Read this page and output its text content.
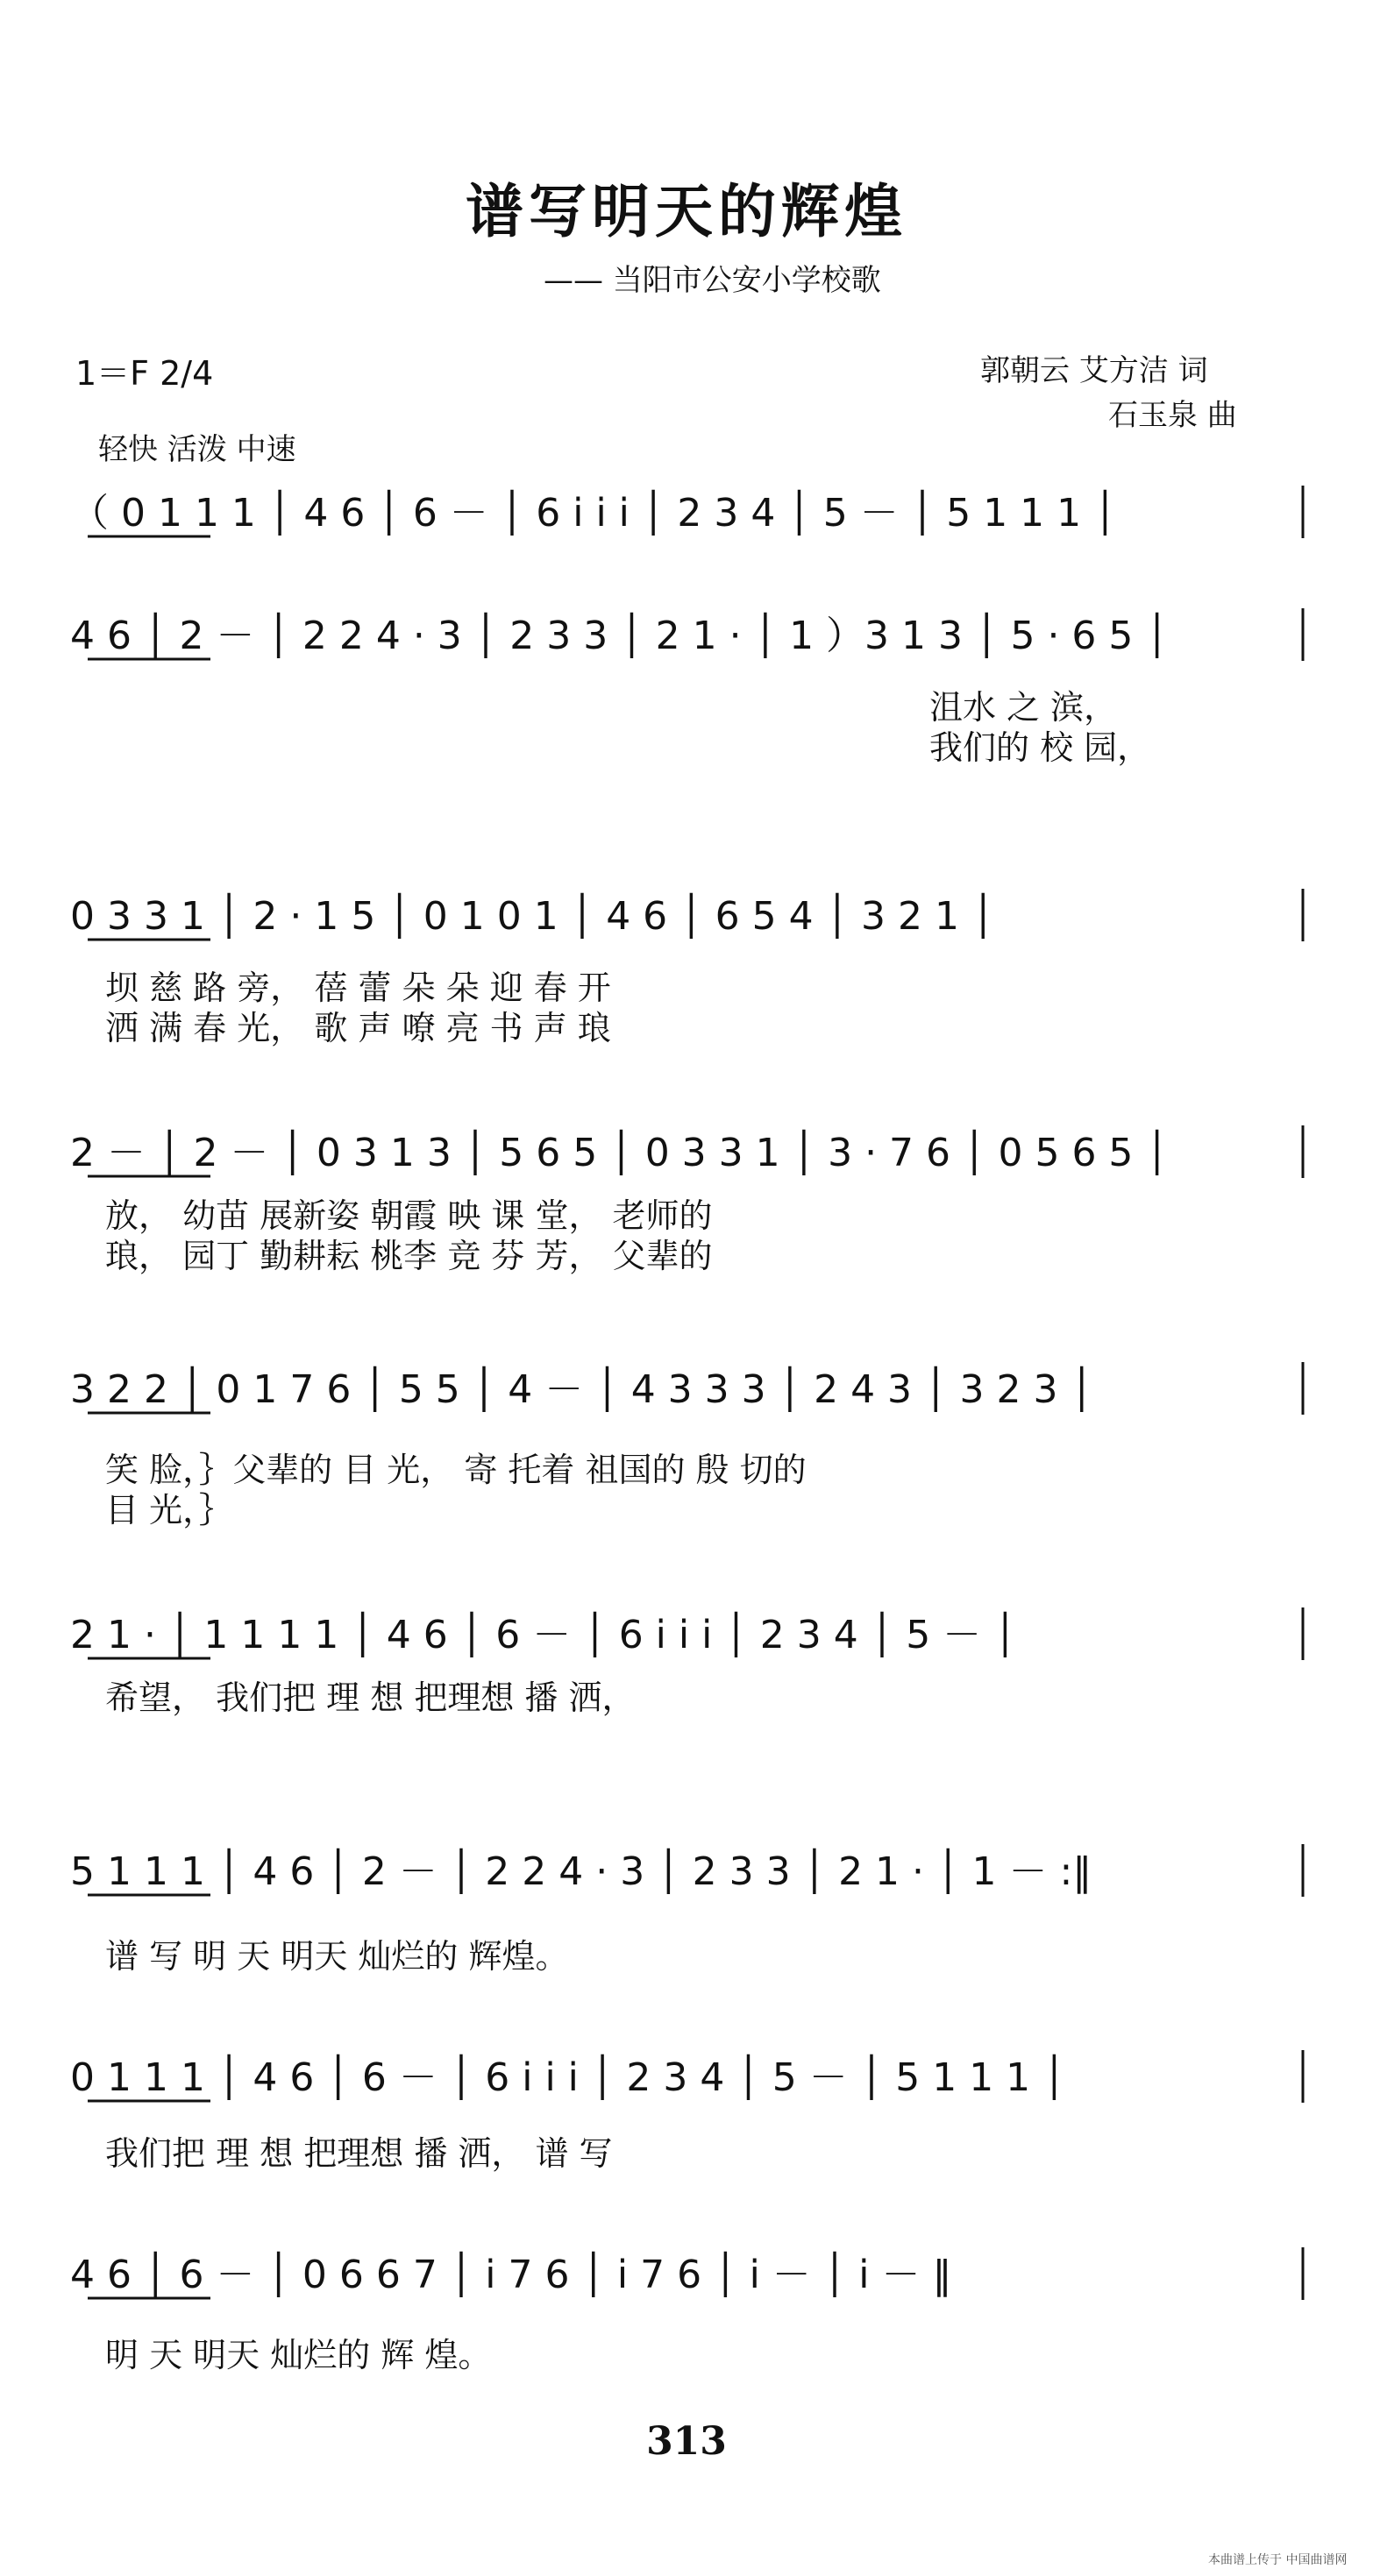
谱写明天的辉煌
—— 当阳市公安小学校歌
1＝F 2/4	郭朝云 艾方洁 词
石玉泉 曲
轻快 活泼 中速
（ 0 1 1 1 │ 4 6 │ 6 － │ 6 i̇ i̇ i̇ │ 2 3 4 │ 5 － │ 5 1 1 1 │
4 6 │ 2 － │ 2 2 4 · 3 │ 2 3 3 │ 2 1 · │ 1 ）3 1 3 │ 5 · 6 5 │
沮水 之 滨，
我们的 校 园，
0 3 3 1 │ 2 · 1 5 │ 0 1 0 1 │ 4 6 │ 6 5 4 │ 3 2 1 │
坝 慈 路 旁， 蓓 蕾 朵 朵 迎 春 开
洒 满 春 光， 歌 声 嘹 亮 书 声 琅
2 － │ 2 － │ 0 3 1 3 │ 5 6 5 │ 0 3 3 1 │ 3 · 7 6 │ 0 5 6 5 │
放， 幼苗 展新姿 朝霞 映 课 堂， 老师的
琅， 园丁 勤耕耘 桃李 竞 芬 芳， 父辈的
3 2 2 │ 0 1 7 6 │ 5 5 │ 4 － │ 4 3 3 3 │ 2 4 3 │ 3 2 3 │
笑 脸，｝父辈的 目 光， 寄 托着 祖国的 殷 切的
目 光，｝
2 1 · │ 1 1 1 1 │ 4 6 │ 6 － │ 6 i̇ i̇ i̇ │ 2 3 4 │ 5 － │
希望， 我们把 理 想 把理想 播 洒，
5 1 1 1 │ 4 6 │ 2 － │ 2 2 4 · 3 │ 2 3 3 │ 2 1 · │ 1 － :‖
谱 写 明 天 明天 灿烂的 辉煌。
0 1 1 1 │ 4 6 │ 6 － │ 6 i̇ i̇ i̇ │ 2 3 4 │ 5 － │ 5 1 1 1 │
我们把 理 想 把理想 播 洒， 谱 写
4 6 │ 6 － │ 0 6 6 7 │ i̇ 7 6 │ i̇ 7 6 │ i̇ － │ i̇ － ‖
明 天 明天 灿烂的 辉 煌。
313
本曲谱上传于 中国曲谱网
